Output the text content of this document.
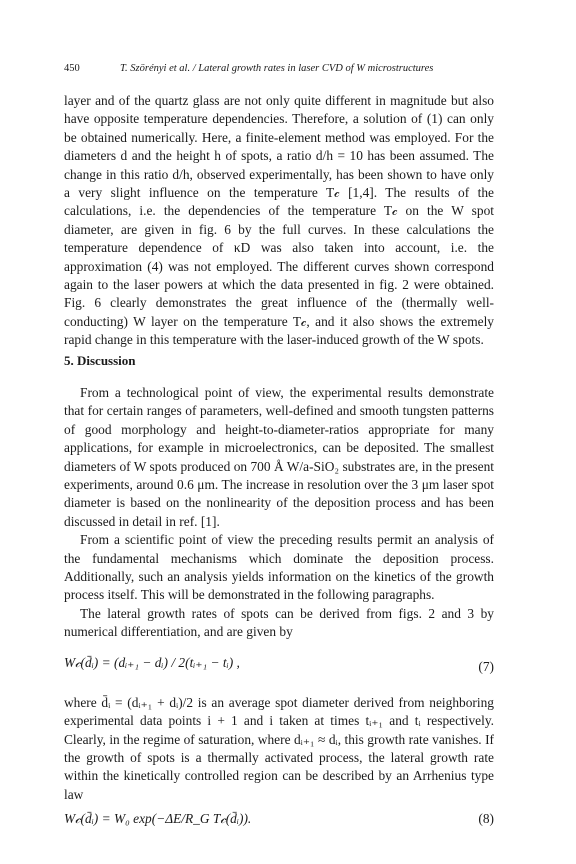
450	T. Szörényi et al. / Lateral growth rates in laser CVD of W microstructures

layer and of the quartz glass are not only quite different in magnitude but also have opposite temperature dependencies. Therefore, a solution of (1) can only be obtained numerically. Here, a finite-element method was employed. For the diameters d and the height h of spots, a ratio d/h = 10 has been assumed. The change in this ratio d/h, observed experimentally, has been shown to have only a very slight influence on the temperature T𝒸 [1,4]. The results of the calculations, i.e. the dependencies of the temperature T𝒸 on the W spot diameter, are given in fig. 6 by the full curves. In these calculations the temperature dependence of κD was also taken into account, i.e. the approximation (4) was not employed. The different curves shown correspond again to the laser powers at which the data presented in fig. 2 were obtained. Fig. 6 clearly demonstrates the great influence of the (thermally well-conducting) W layer on the temperature T𝒸, and it also shows the extremely rapid change in this temperature with the laser-induced growth of the W spots.

5. Discussion

From a technological point of view, the experimental results demonstrate that for certain ranges of parameters, well-defined and smooth tungsten patterns of good morphology and height-to-diameter-ratios appropriate for many applications, for example in microelectronics, can be deposited. The smallest diameters of W spots produced on 700 Å W/a-SiO₂ substrates are, in the present experiments, around 0.6 μm. The increase in resolution over the 3 μm laser spot diameter is based on the nonlinearity of the deposition process and has been discussed in detail in ref. [1].

From a scientific point of view the preceding results permit an analysis of the fundamental mechanisms which dominate the deposition process. Additionally, such an analysis yields information on the kinetics of the growth process itself. This will be demonstrated in the following paragraphs.

The lateral growth rates of spots can be derived from figs. 2 and 3 by numerical differentiation, and are given by

W𝒸(d̄ᵢ) = (dᵢ₊₁ − dᵢ) / 2(tᵢ₊₁ − tᵢ) ,	(7)

where d̄ᵢ = (dᵢ₊₁ + dᵢ)/2 is an average spot diameter derived from neighboring experimental data points i + 1 and i taken at times tᵢ₊₁ and tᵢ respectively. Clearly, in the regime of saturation, where dᵢ₊₁ ≈ dᵢ, this growth rate vanishes. If the growth of spots is a thermally activated process, the lateral growth rate within the kinetically controlled region can be described by an Arrhenius type law

W𝒸(d̄ᵢ) = W₀ exp(−ΔE/R_G T𝒸(d̄ᵢ)).	(8)
